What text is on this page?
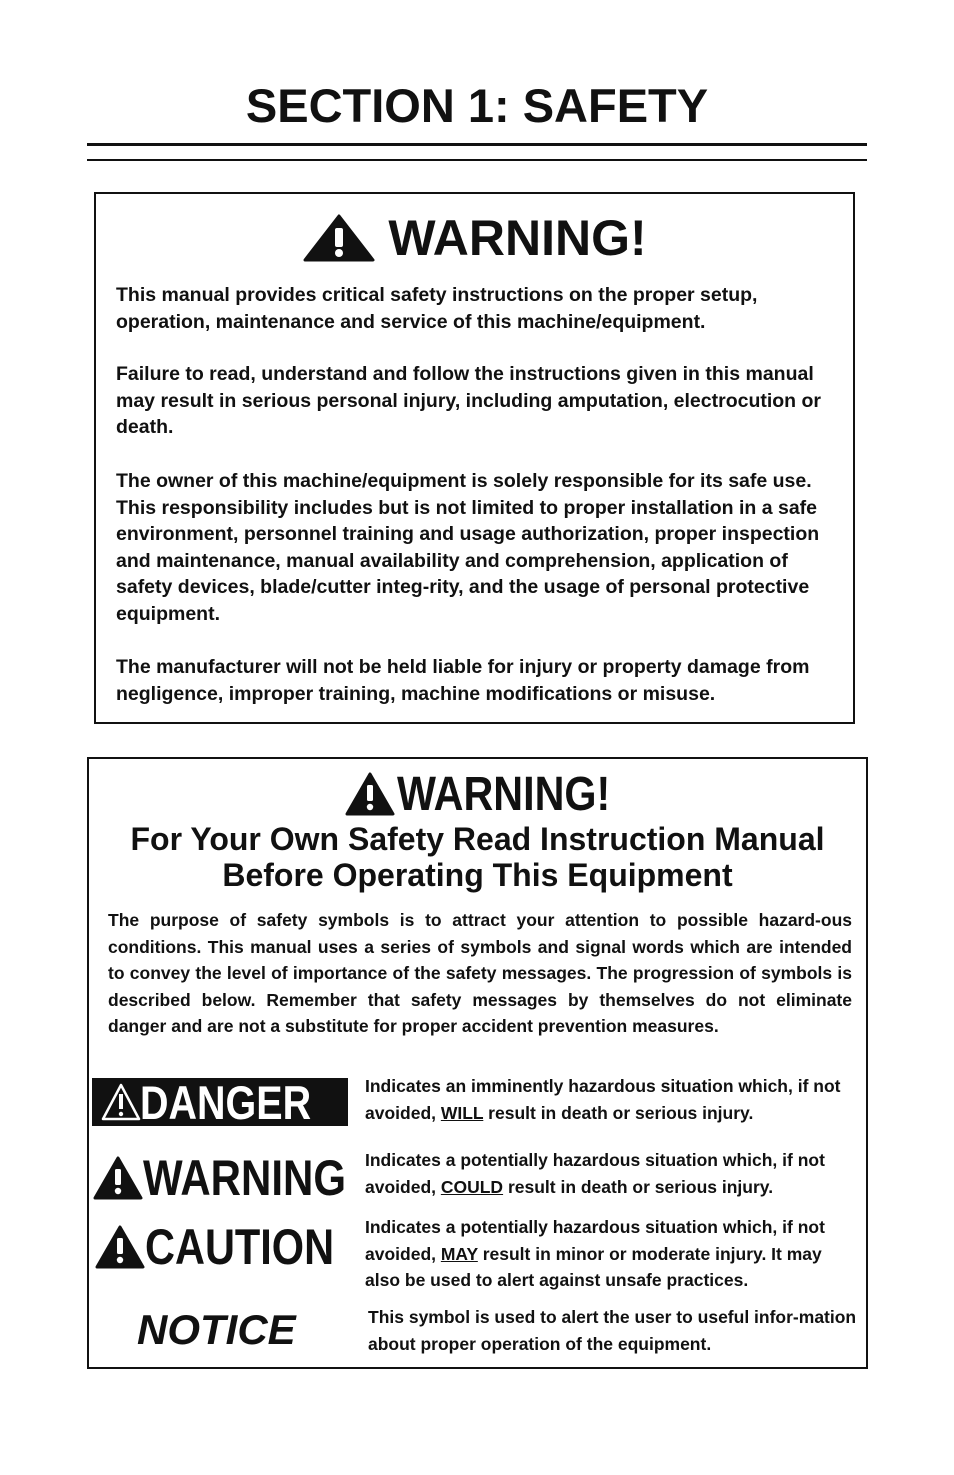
SECTION 1: SAFETY
WARNING!

This manual provides critical safety instructions on the proper setup, operation, maintenance and service of this machine/equipment.

Failure to read, understand and follow the instructions given in this manual may result in serious personal injury, including amputation, electrocution or death.

The owner of this machine/equipment is solely responsible for its safe use. This responsibility includes but is not limited to proper installation in a safe environment, personnel training and usage authorization, proper inspection and maintenance, manual availability and comprehension, application of safety devices, blade/cutter integ-rity, and the usage of personal protective equipment.

The manufacturer will not be held liable for injury or property damage from negligence, improper training, machine modifications or misuse.

WARNING!

For Your Own Safety Read Instruction Manual
Before Operating This Equipment

The purpose of safety symbols is to attract your attention to possible hazard-ous conditions. This manual uses a series of symbols and signal words which are intended to convey the level of importance of the safety messages. The progression of symbols is described below. Remember that safety messages by themselves do not eliminate danger and are not a substitute for proper accident prevention measures.

DANGER	Indicates an imminently hazardous situation which, if not avoided, WILL result in death or serious injury.

WARNING Indicates a potentially hazardous situation which, if not avoided, COULD result in death or serious injury.

CAUTION Indicates a potentially hazardous situation which, if not avoided, MAY result in minor or moderate injury. It may also be used to alert against unsafe practices.

NOTICE	This symbol is used to alert the user to useful infor-mation about proper operation of the equipment.
